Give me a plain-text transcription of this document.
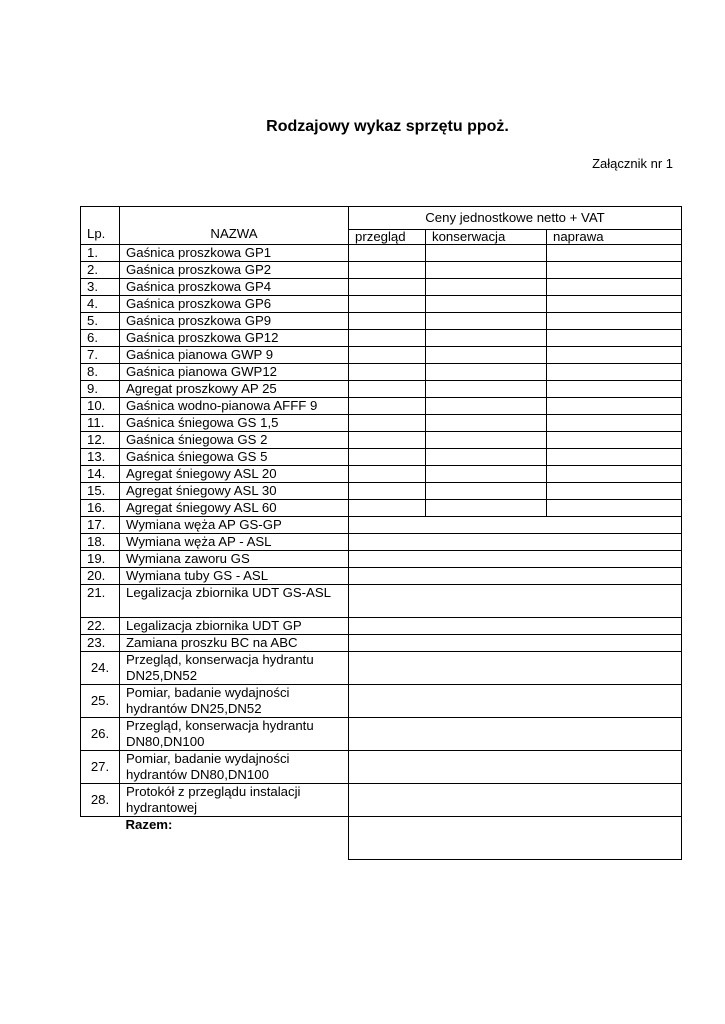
Rodzajowy wykaz sprzętu ppoż.
Załącznik nr 1
Lp.	NAZWA	Ceny jednostkowe netto + VAT		
		przegląd	konserwacja	naprawa
1.	Gaśnica proszkowa GP1			
2.	Gaśnica proszkowa GP2			
3.	Gaśnica proszkowa GP4			
4.	Gaśnica proszkowa GP6			
5.	Gaśnica proszkowa GP9			
6.	Gaśnica proszkowa GP12			
7.	Gaśnica pianowa GWP 9			
8.	Gaśnica pianowa GWP12			
9.	Agregat proszkowy AP 25			
10.	Gaśnica wodno-pianowa AFFF 9			
11.	Gaśnica śniegowa GS 1,5			
12.	Gaśnica śniegowa GS 2			
13.	Gaśnica śniegowa GS 5			
14.	Agregat śniegowy ASL 20			
15.	Agregat śniegowy ASL 30			
16.	Agregat śniegowy ASL 60			
17.	Wymiana węża AP GS-GP			
18.	Wymiana węża AP - ASL			
19.	Wymiana zaworu GS			
20.	Wymiana tuby GS - ASL			
21.	Legalizacja zbiornika UDT GS-ASL			
22.	Legalizacja zbiornika UDT GP			
23.	Zamiana proszku BC na ABC			
24.	Przegląd, konserwacja hydrantu DN25,DN52			
25.	Pomiar, badanie wydajności hydrantów DN25,DN52			
26.	Przegląd, konserwacja hydrantu DN80,DN100			
27.	Pomiar, badanie wydajności hydrantów DN80,DN100			
28.	Protokół z przeglądu instalacji hydrantowej			
	Razem:			
